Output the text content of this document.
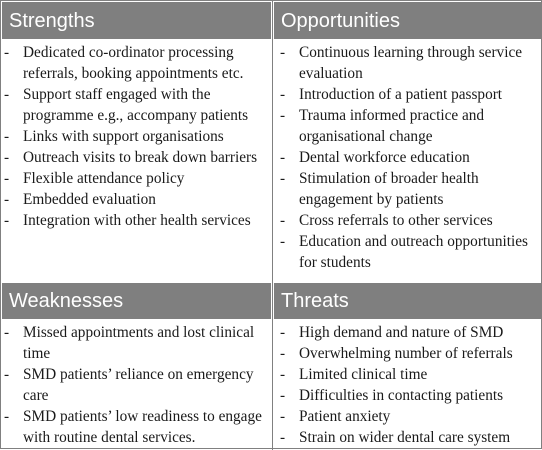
Strengths
- Dedicated co-ordinator processing referrals, booking appointments etc.
- Support staff engaged with the programme e.g., accompany patients
- Links with support organisations
- Outreach visits to break down barriers
- Flexible attendance policy
- Embedded evaluation
- Integration with other health services
Opportunities
- Continuous learning through service evaluation
- Introduction of a patient passport
- Trauma informed practice and organisational change
- Dental workforce education
- Stimulation of broader health engagement by patients
- Cross referrals to other services
- Education and outreach opportunities for students
Weaknesses
- Missed appointments and lost clinical time
- SMD patients’ reliance on emergency care
- SMD patients’ low readiness to engage with routine dental services.
Threats
- High demand and nature of SMD
- Overwhelming number of referrals
- Limited clinical time
- Difficulties in contacting patients
- Patient anxiety
- Strain on wider dental care system
